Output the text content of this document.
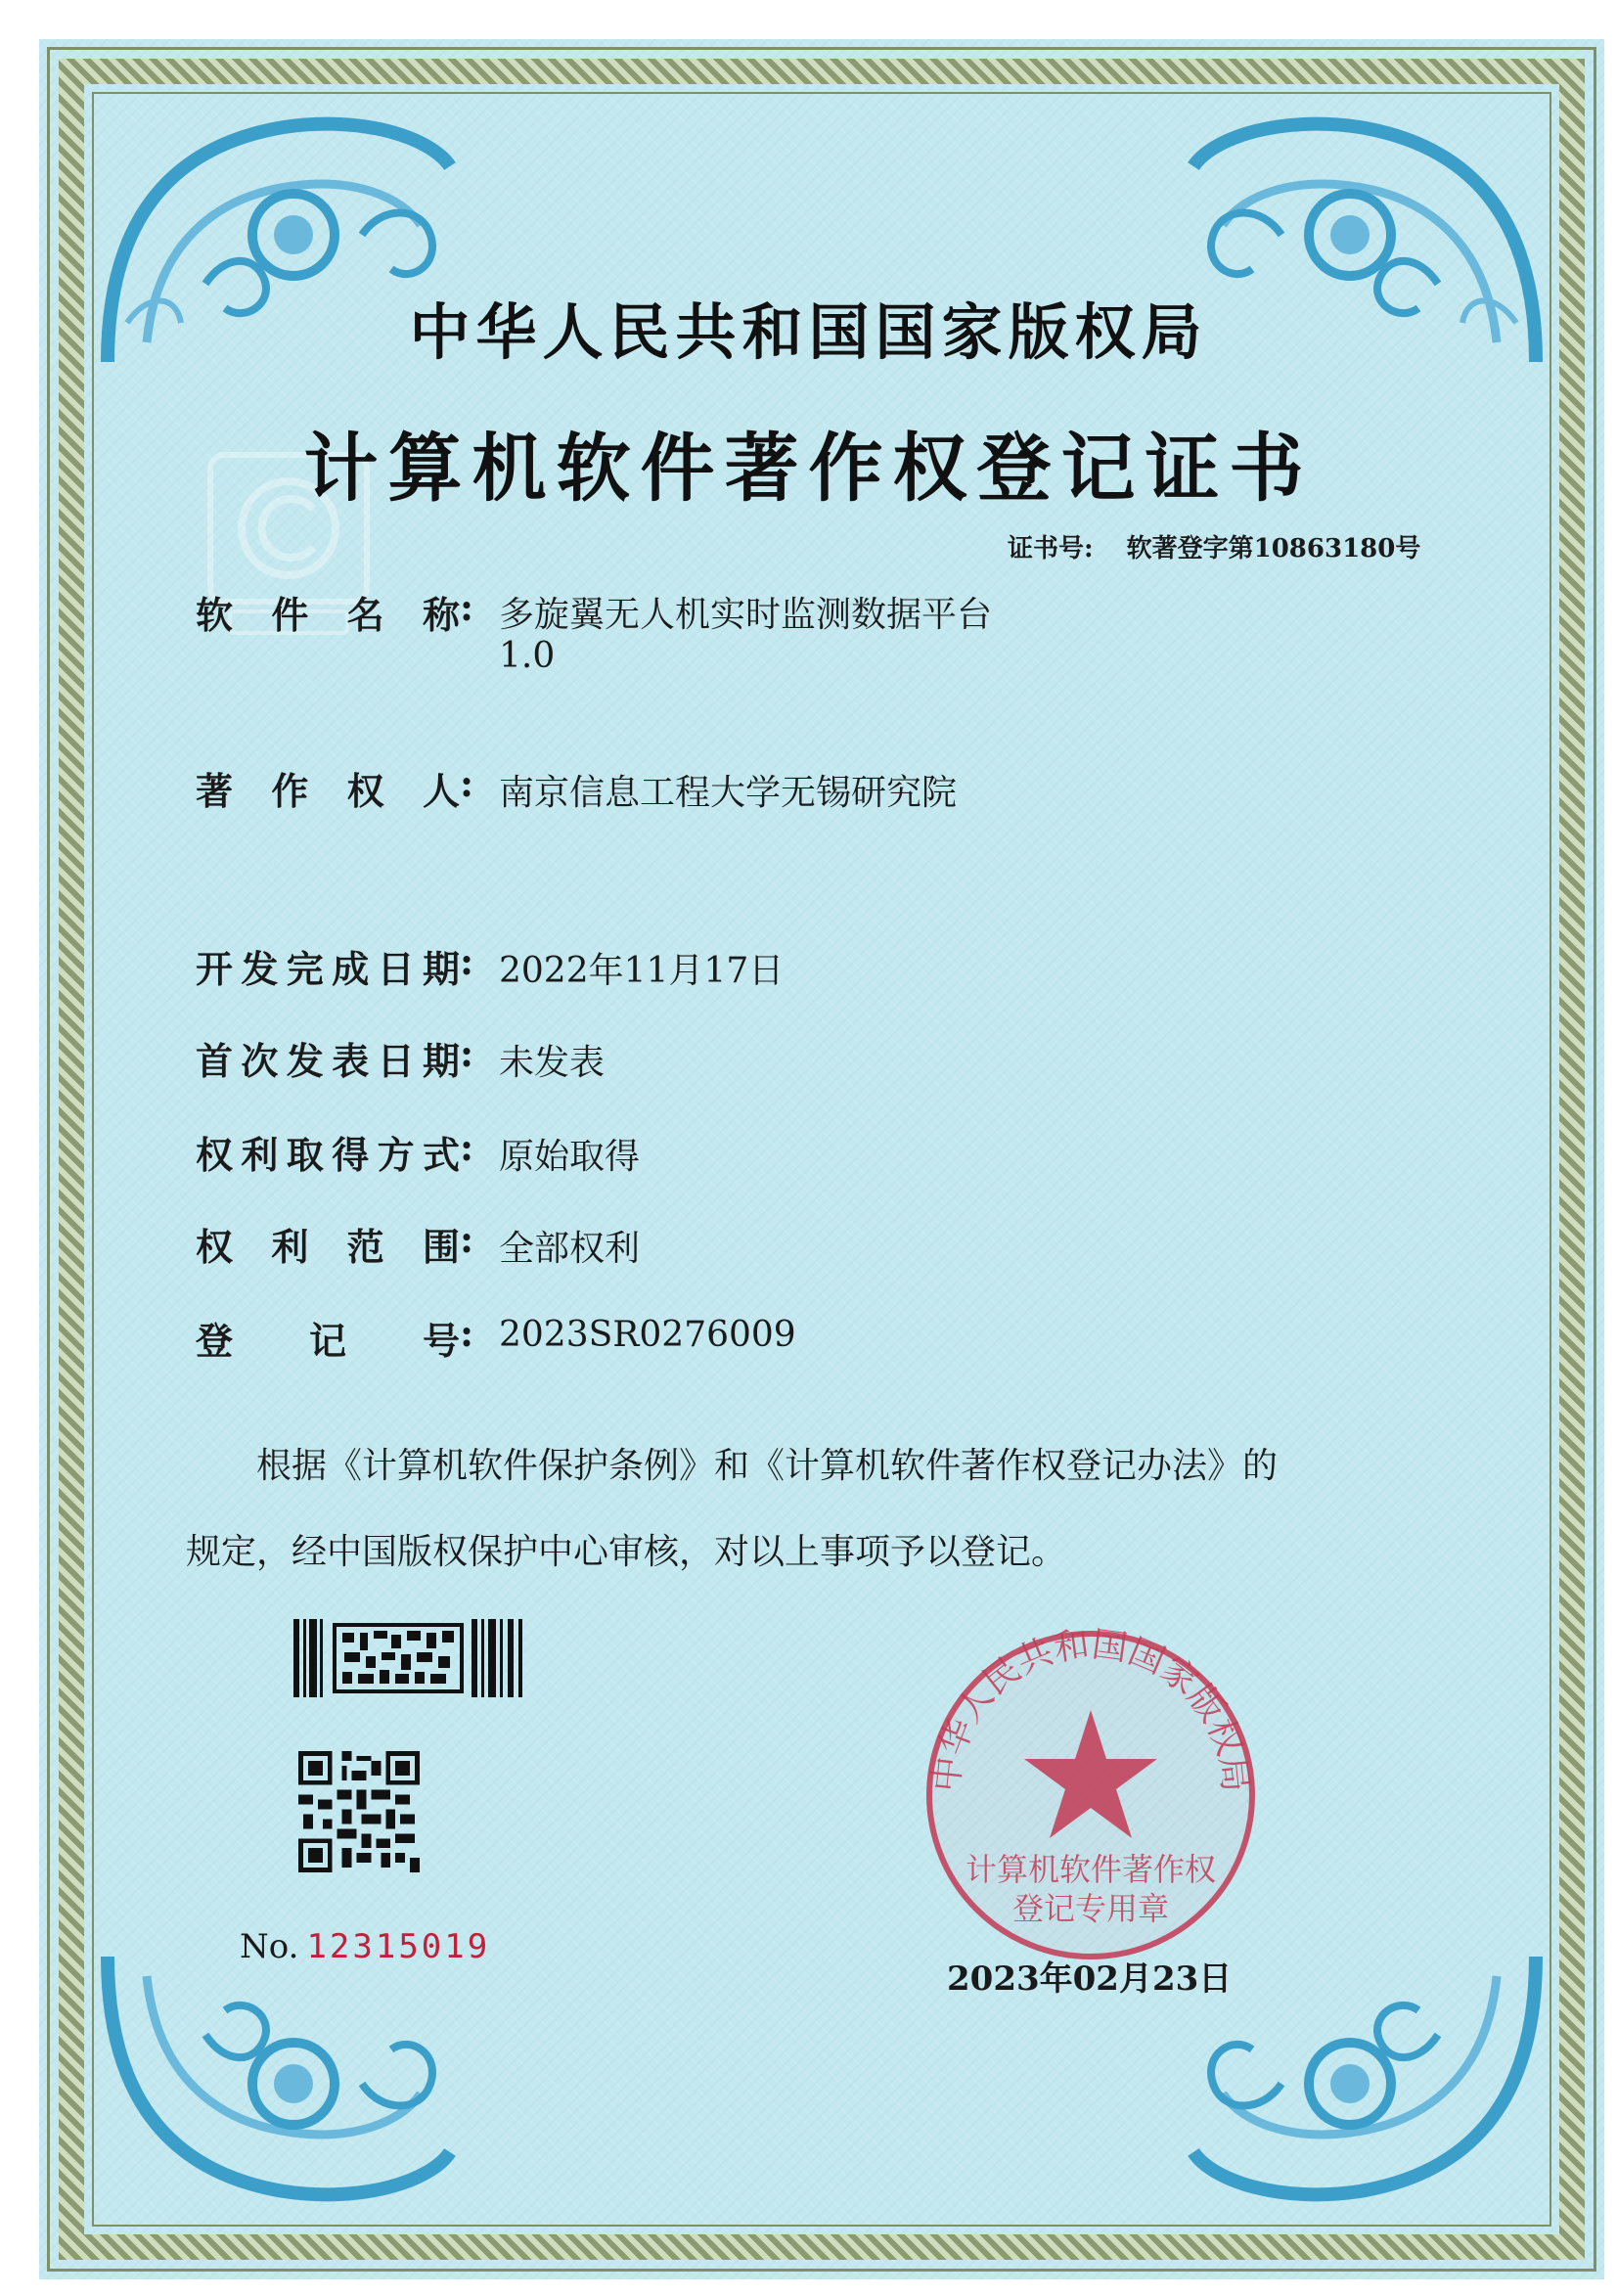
中华人民共和国国家版权局
计算机软件著作权登记证书
证书号: 软著登字第10863180号
软件名称 : 多旋翼无人机实时监测数据平台
1.0
著作权人 : 南京信息工程大学无锡研究院
开发完成日期 : 2022年11月17日
首次发表日期 : 未发表
权利取得方式 : 原始取得
权利范围 : 全部权利
登记号 : 2023SR0276009
根据《计算机软件保护条例》和《计算机软件著作权登记办法》的
规定，经中国版权保护中心审核，对以上事项予以登记。
No. 12315019
中华人民共和国国家版权局
计算机软件著作权
登记专用章
2023年02月23日
